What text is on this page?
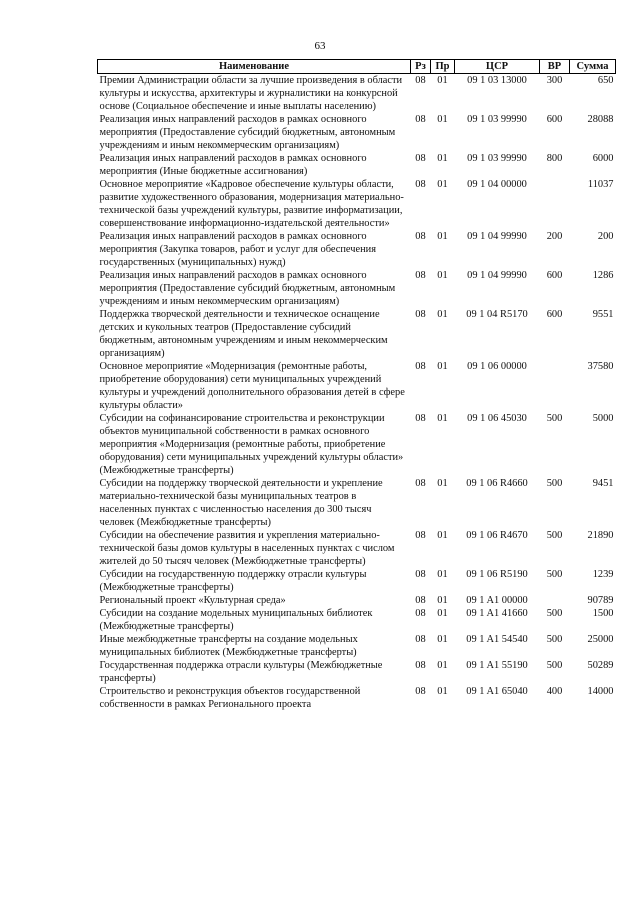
63
Наименование	Рз	Пр	ЦСР	ВР	Сумма
Премии Администрации области за лучшие произведения в области культуры и искусства, архитектуры и журналистики на конкурсной основе (Социальное обеспечение и иные выплаты населению)	08	01	09 1 03 13000	300	650
Реализация иных направлений расходов в рамках основного мероприятия (Предоставление субсидий бюджетным, автономным учреждениям и иным некоммерческим организациям)	08	01	09 1 03 99990	600	28088
Реализация иных направлений расходов в рамках основного мероприятия (Иные бюджетные ассигнования)	08	01	09 1 03 99990	800	6000
Основное мероприятие «Кадровое обеспечение культуры области, развитие художественного образования, модернизация материально-технической базы учреждений культуры, развитие информатизации, совершенствование информационно-издательской деятельности»	08	01	09 1 04 00000		11037
Реализация иных направлений расходов в рамках основного мероприятия (Закупка товаров, работ и услуг для обеспечения государственных (муниципальных) нужд)	08	01	09 1 04 99990	200	200
Реализация иных направлений расходов в рамках основного мероприятия (Предоставление субсидий бюджетным, автономным учреждениям и иным некоммерческим организациям)	08	01	09 1 04 99990	600	1286
Поддержка творческой деятельности и техническое оснащение детских и кукольных театров (Предоставление субсидий бюджетным, автономным учреждениям и иным некоммерческим организациям)	08	01	09 1 04 R5170	600	9551
Основное мероприятие «Модернизация (ремонтные работы, приобретение оборудования) сети муниципальных учреждений культуры и учреждений дополнительного образования детей в сфере культуры области»	08	01	09 1 06 00000		37580
Субсидии на софинансирование строительства и реконструкции объектов муниципальной собственности в рамках основного мероприятия «Модернизация (ремонтные работы, приобретение оборудования) сети муниципальных учреждений культуры области» (Межбюджетные трансферты)	08	01	09 1 06 45030	500	5000
Субсидии на поддержку творческой деятельности и укрепление материально-технической базы муниципальных театров в населенных пунктах с численностью населения до 300 тысяч человек (Межбюджетные трансферты)	08	01	09 1 06 R4660	500	9451
Субсидии на обеспечение развития и укрепления материально-технической базы домов культуры в населенных пунктах с числом жителей до 50 тысяч человек (Межбюджетные трансферты)	08	01	09 1 06 R4670	500	21890
Субсидии на государственную поддержку отрасли культуры (Межбюджетные трансферты)	08	01	09 1 06 R5190	500	1239
Региональный проект «Культурная среда»	08	01	09 1 A1 00000		90789
Субсидии на создание модельных муниципальных библиотек (Межбюджетные трансферты)	08	01	09 1 A1 41660	500	1500
Иные межбюджетные трансферты на создание модельных муниципальных библиотек (Межбюджетные трансферты)	08	01	09 1 A1 54540	500	25000
Государственная поддержка отрасли культуры (Межбюджетные трансферты)	08	01	09 1 A1 55190	500	50289
Строительство и реконструкция объектов государственной собственности в рамках Регионального проекта	08	01	09 1 A1 65040	400	14000
